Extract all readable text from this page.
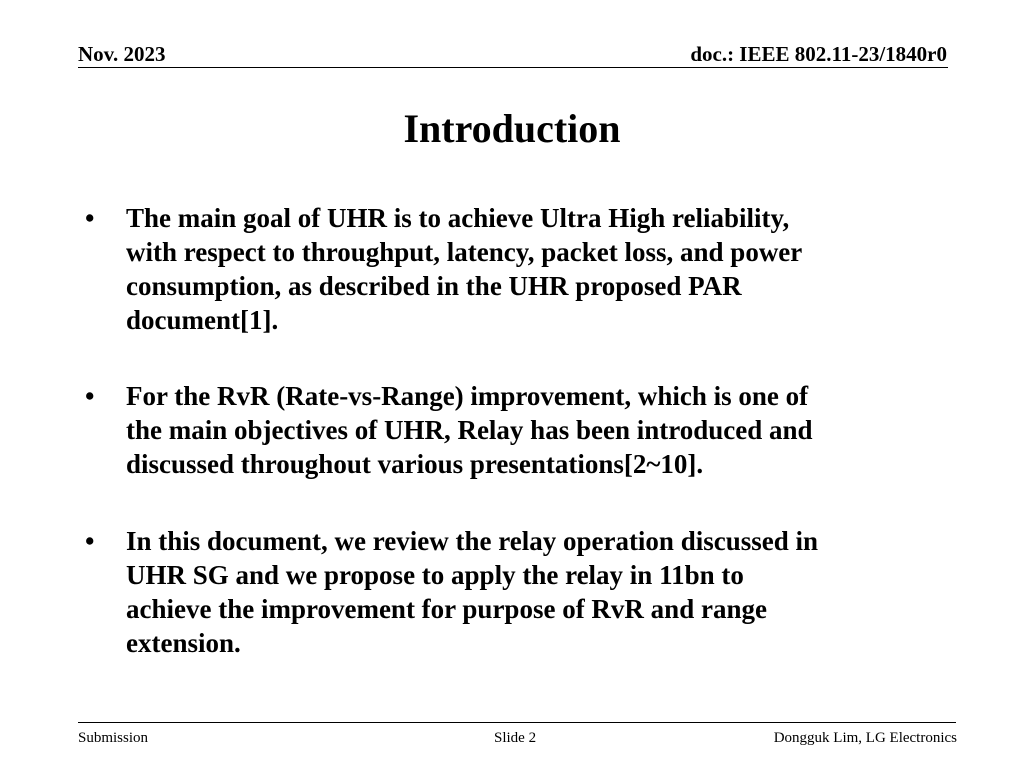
Nov. 2023	doc.: IEEE 802.11-23/1840r0
Introduction
•	The main goal of UHR is to achieve Ultra High reliability,
with respect to throughput, latency, packet loss, and power
consumption, as described in the UHR proposed PAR
document[1].
•	For the RvR (Rate-vs-Range) improvement, which is one of
the main objectives of UHR, Relay has been introduced and
discussed throughout various presentations[2~10].
•	In this document, we review the relay operation discussed in
UHR SG and we propose to apply the relay in 11bn to
achieve the improvement for purpose of RvR and range
extension.
Submission	Slide 2	Dongguk Lim, LG Electronics
